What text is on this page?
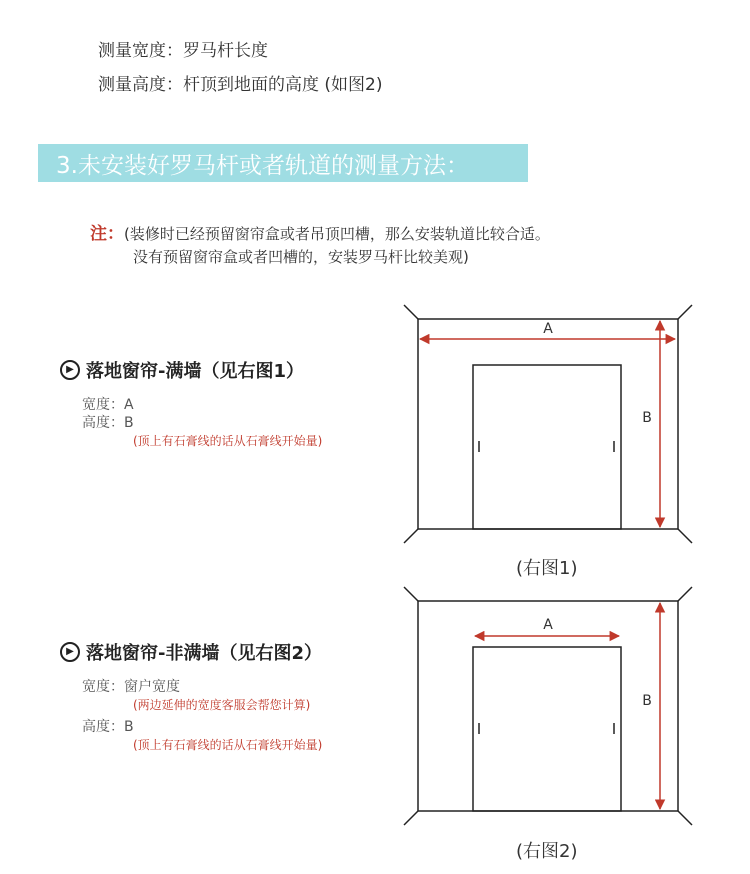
测量宽度：罗马杆长度
测量高度：杆顶到地面的高度 (如图2)
3.未安装好罗马杆或者轨道的测量方法：
注：(装修时已经预留窗帘盒或者吊顶凹槽，那么安装轨道比较合适。
没有预留窗帘盒或者凹槽的，安装罗马杆比较美观)
▶ 落地窗帘-满墙（见右图1）
宽度：A
高度：B
(顶上有石膏线的话从石膏线开始量)
▶ 落地窗帘-非满墙（见右图2）
宽度：窗户宽度
(两边延伸的宽度客服会帮您计算)
高度：B
(顶上有石膏线的话从石膏线开始量)
A
B
A
B
(右图1)
(右图2)
